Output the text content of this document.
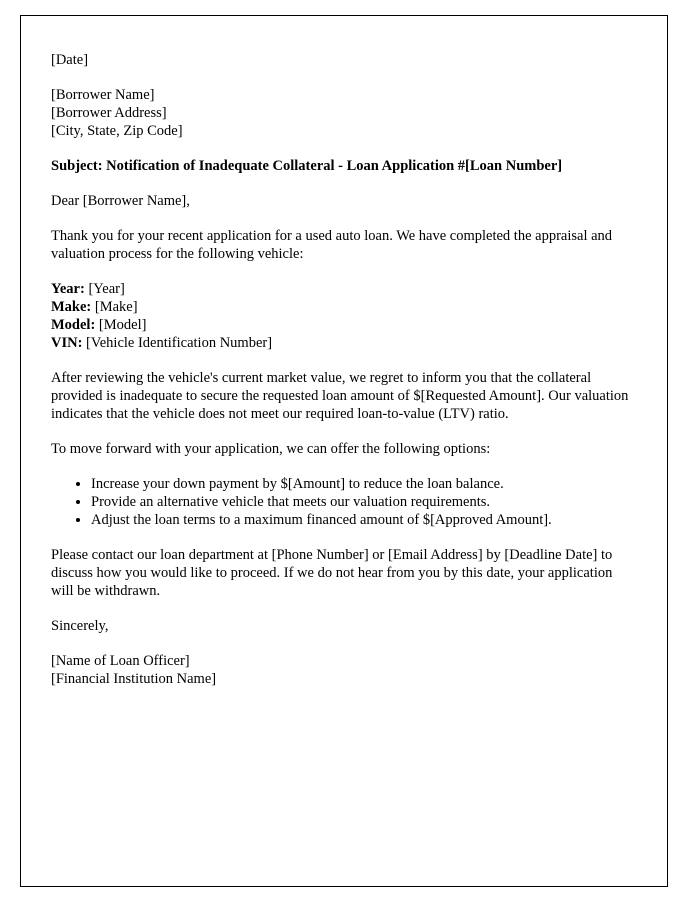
[Date]

[Borrower Name]
[Borrower Address]
[City, State, Zip Code]

Subject: Notification of Inadequate Collateral - Loan Application #[Loan Number]

Dear [Borrower Name],

Thank you for your recent application for a used auto loan. We have completed the appraisal and valuation process for the following vehicle:

Year: [Year]
Make: [Make]
Model: [Model]
VIN: [Vehicle Identification Number]

After reviewing the vehicle's current market value, we regret to inform you that the collateral provided is inadequate to secure the requested loan amount of $[Requested Amount]. Our valuation indicates that the vehicle does not meet our required loan-to-value (LTV) ratio.

To move forward with your application, we can offer the following options:

• Increase your down payment by $[Amount] to reduce the loan balance.
• Provide an alternative vehicle that meets our valuation requirements.
• Adjust the loan terms to a maximum financed amount of $[Approved Amount].

Please contact our loan department at [Phone Number] or [Email Address] by [Deadline Date] to discuss how you would like to proceed. If we do not hear from you by this date, your application will be withdrawn.

Sincerely,

[Name of Loan Officer]
[Financial Institution Name]
